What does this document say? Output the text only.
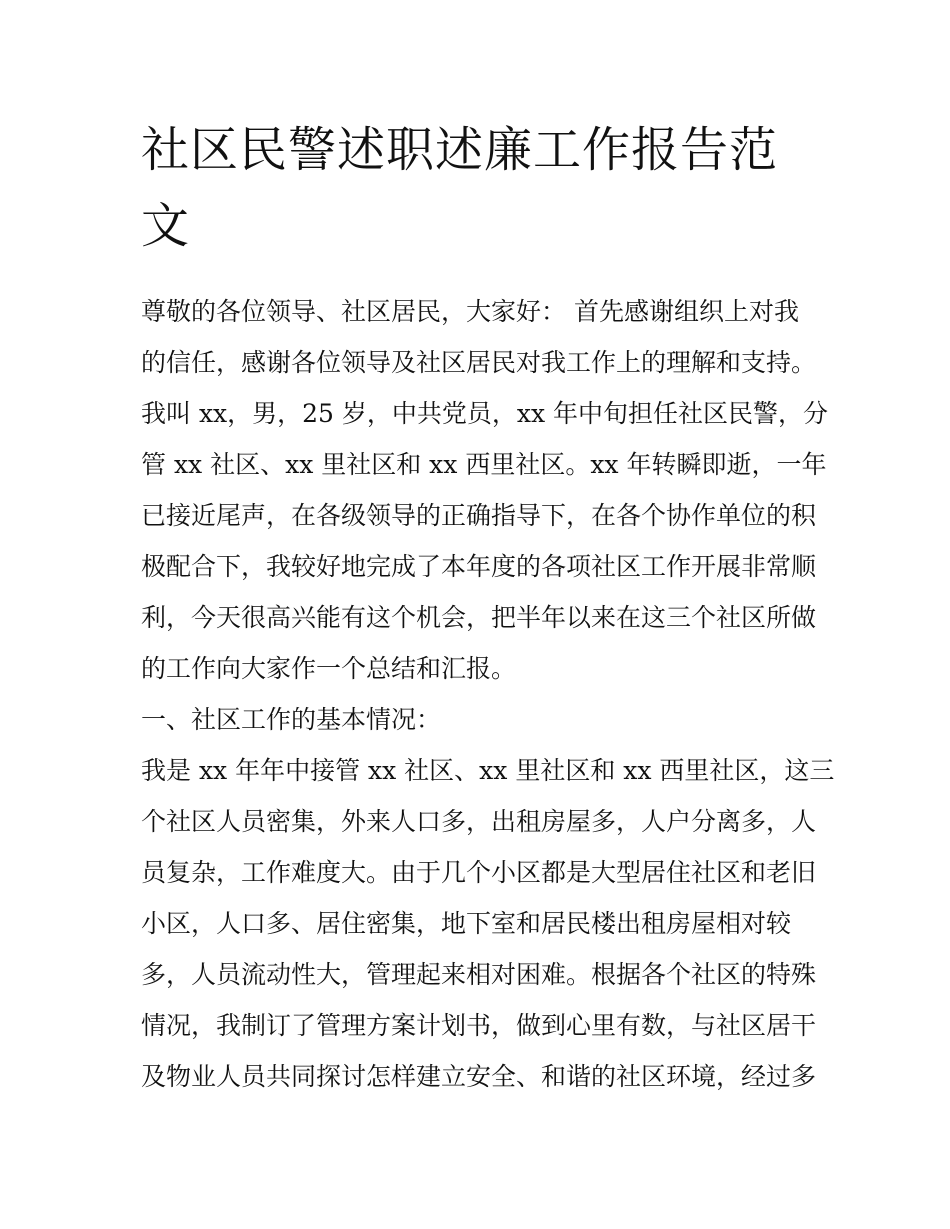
社区民警述职述廉工作报告范
文
尊敬的各位领导、社区居民，大家好： 首先感谢组织上对我
的信任，感谢各位领导及社区居民对我工作上的理解和支持。
我叫 xx，男，25 岁，中共党员，xx 年中旬担任社区民警，分
管 xx 社区、xx 里社区和 xx 西里社区。xx 年转瞬即逝，一年
已接近尾声，在各级领导的正确指导下，在各个协作单位的积
极配合下，我较好地完成了本年度的各项社区工作开展非常顺
利，今天很高兴能有这个机会，把半年以来在这三个社区所做
的工作向大家作一个总结和汇报。
一、社区工作的基本情况：
我是 xx 年年中接管 xx 社区、xx 里社区和 xx 西里社区，这三
个社区人员密集，外来人口多，出租房屋多，人户分离多，人
员复杂，工作难度大。由于几个小区都是大型居住社区和老旧
小区，人口多、居住密集，地下室和居民楼出租房屋相对较
多，人员流动性大，管理起来相对困难。根据各个社区的特殊
情况，我制订了管理方案计划书，做到心里有数，与社区居干
及物业人员共同探讨怎样建立安全、和谐的社区环境，经过多
